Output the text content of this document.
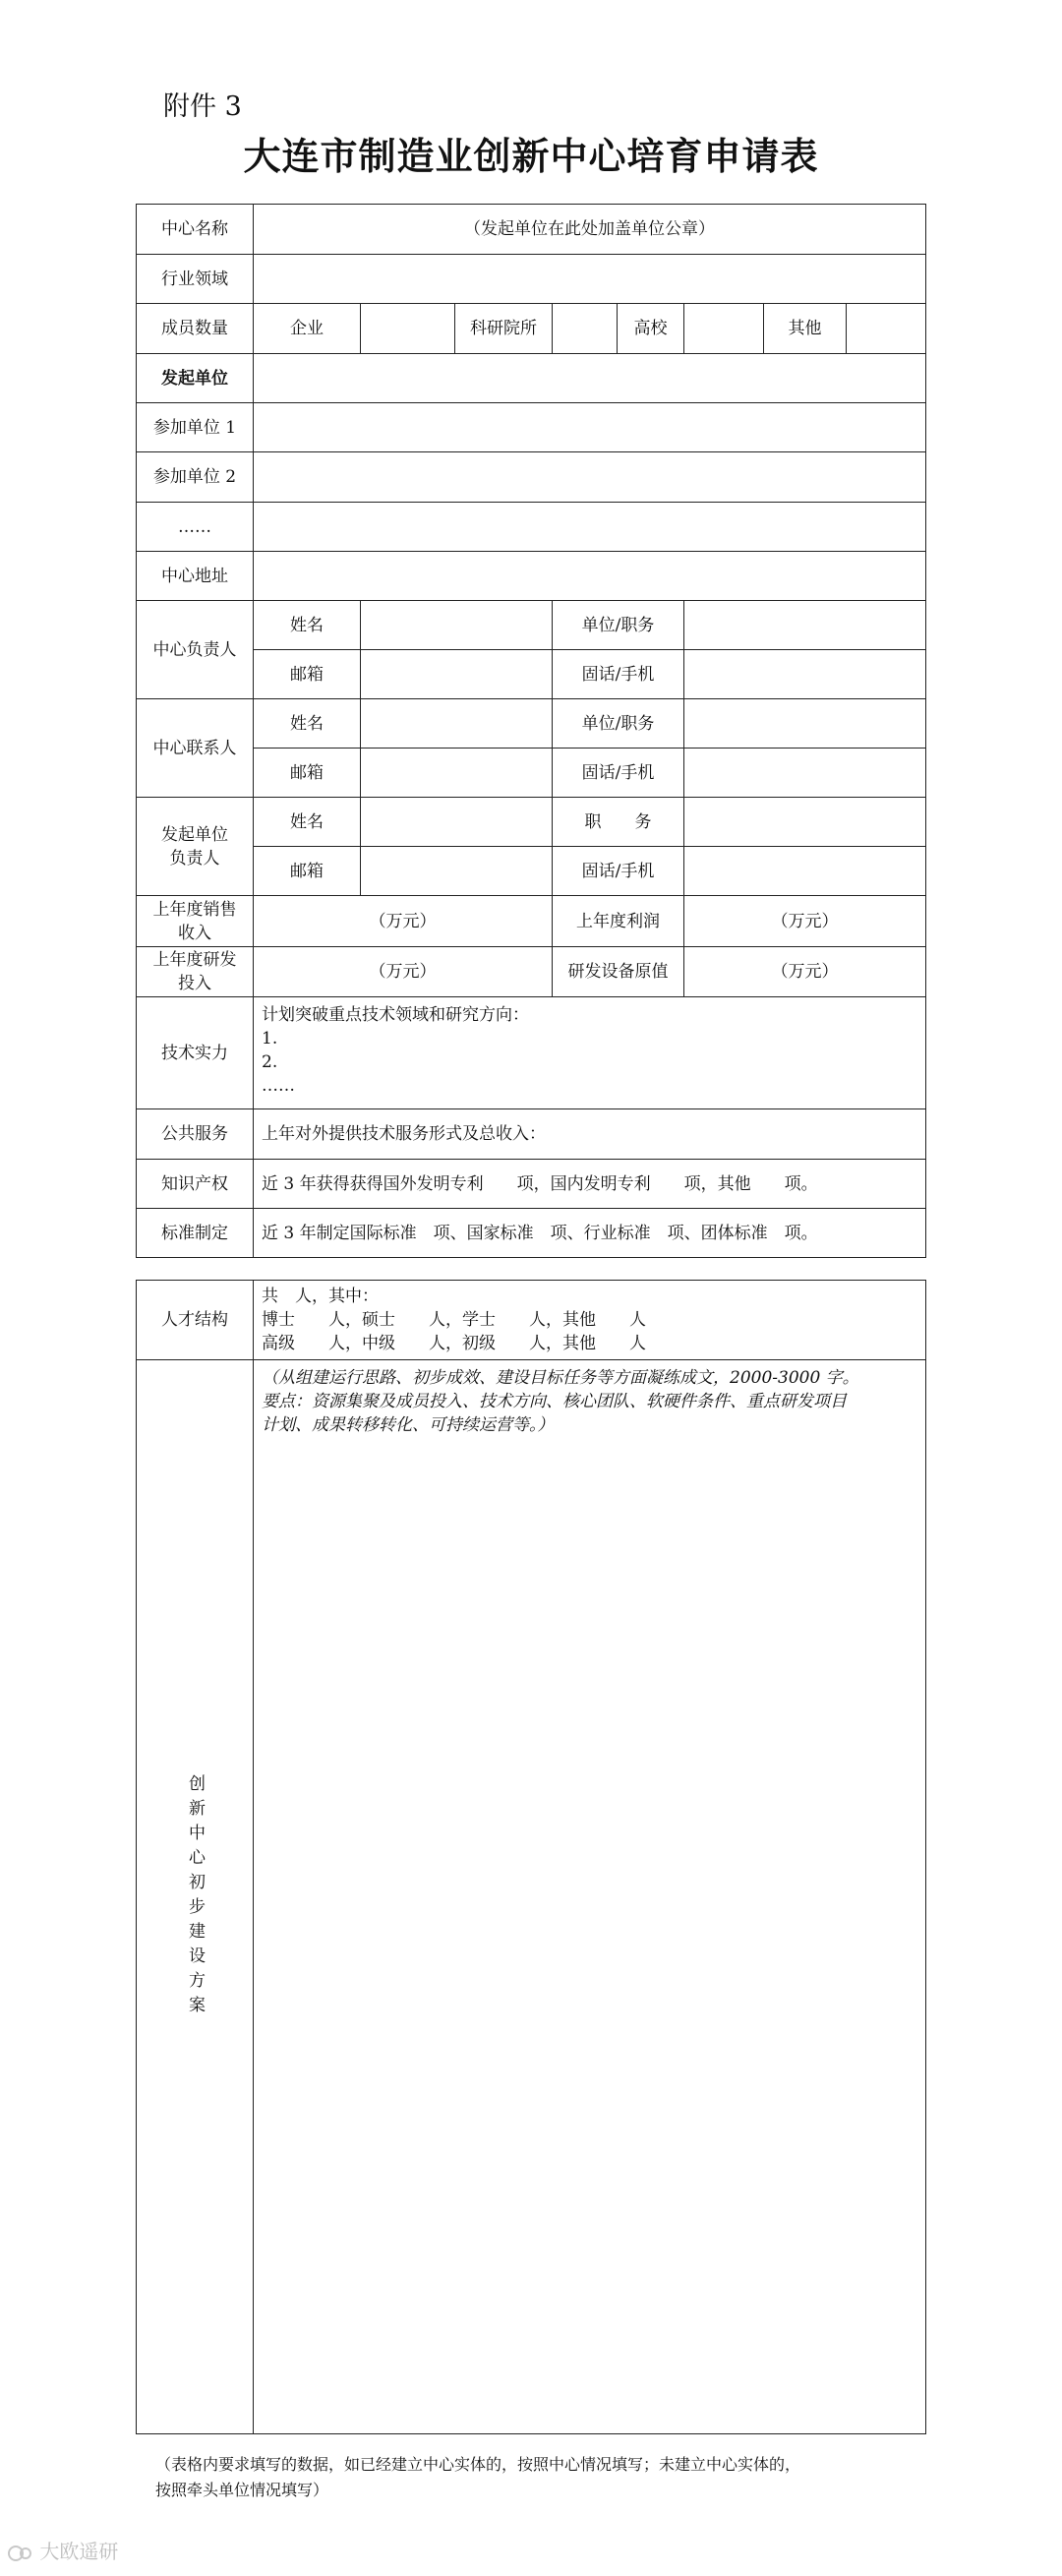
附件 3
大连市制造业创新中心培育申请表
中心名称	（发起单位在此处加盖单位公章）							
行业领域								
成员数量	企业		科研院所		高校		其他	
发起单位								
参加单位 1								
参加单位 2								
……								
中心地址								
中心负责人	姓名			单位/职务				
	邮箱			固话/手机				
中心联系人	姓名			单位/职务				
	邮箱			固话/手机				
发起单位
负责人	姓名			职　　务				
	邮箱			固话/手机				
上年度销售
收入	（万元）			上年度利润		（万元）		
上年度研发
投入	（万元）			研发设备原值		（万元）		
技术实力	计划突破重点技术领域和研究方向：
1.
2.
……							

公共服务	上年对外提供技术服务形式及总收入：							
知识产权	近 3 年获得获得国外发明专利　　项，国内发明专利　　项，其他　　项。							
标准制定	近 3 年制定国际标准　项、国家标准　项、行业标准　项、团体标准　项。							
人才结构	共　人，其中：
博士　　人，硕士　　人，学士　　人，其他　　人
高级　　人，中级　　人，初级　　人，其他　　人

创新中心初步建设方案	（从组建运行思路、初步成效、建设目标任务等方面凝练成文，2000-3000 字。
要点：资源集聚及成员投入、技术方向、核心团队、软硬件条件、重点研发项目
计划、成果转移转化、可持续运营等。）
（表格内要求填写的数据，如已经建立中心实体的，按照中心情况填写；未建立中心实体的，
按照牵头单位情况填写）
大欧遥研
